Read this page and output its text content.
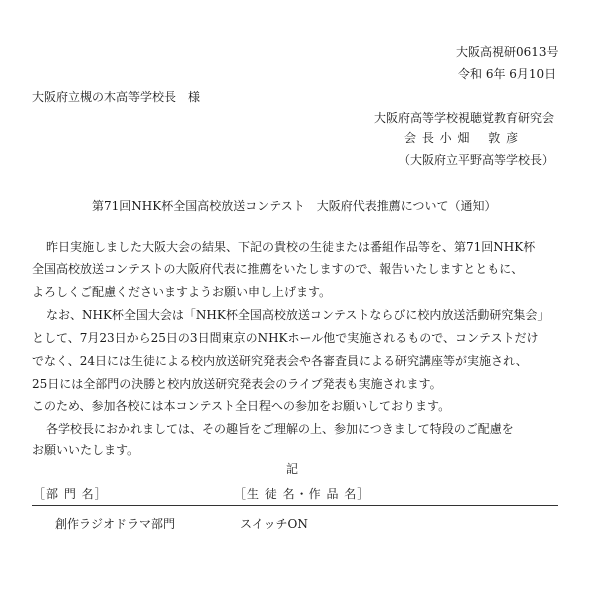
大阪高視研0613号
令和 6年 6月10日
大阪府立槻の木高等学校長　様
大阪府高等学校視聴覚教育研究会
会 長 小 畑　 敦 彦
（大阪府立平野高等学校長）
第71回NHK杯全国高校放送コンテスト　大阪府代表推薦について（通知）
昨日実施しました大阪大会の結果、下記の貴校の生徒または番組作品等を、第71回NHK杯
全国高校放送コンテストの大阪府代表に推薦をいたしますので、報告いたしますとともに、
よろしくご配慮くださいますようお願い申し上げます。
なお、NHK杯全国大会は「NHK杯全国高校放送コンテストならびに校内放送活動研究集会」
として、7月23日から25日の3日間東京のNHKホール他で実施されるもので、コンテストだけ
でなく、24日には生徒による校内放送研究発表会や各審査員による研究講座等が実施され、
25日には全部門の決勝と校内放送研究発表会のライブ発表も実施されます。
このため、参加各校には本コンテスト全日程への参加をお願いしております。
各学校長におかれましては、その趣旨をご理解の上、参加につきまして特段のご配慮を
お願いいたします。
記
［部 門 名］	［生 徒 名・作 品 名］
創作ラジオドラマ部門	スイッチON
